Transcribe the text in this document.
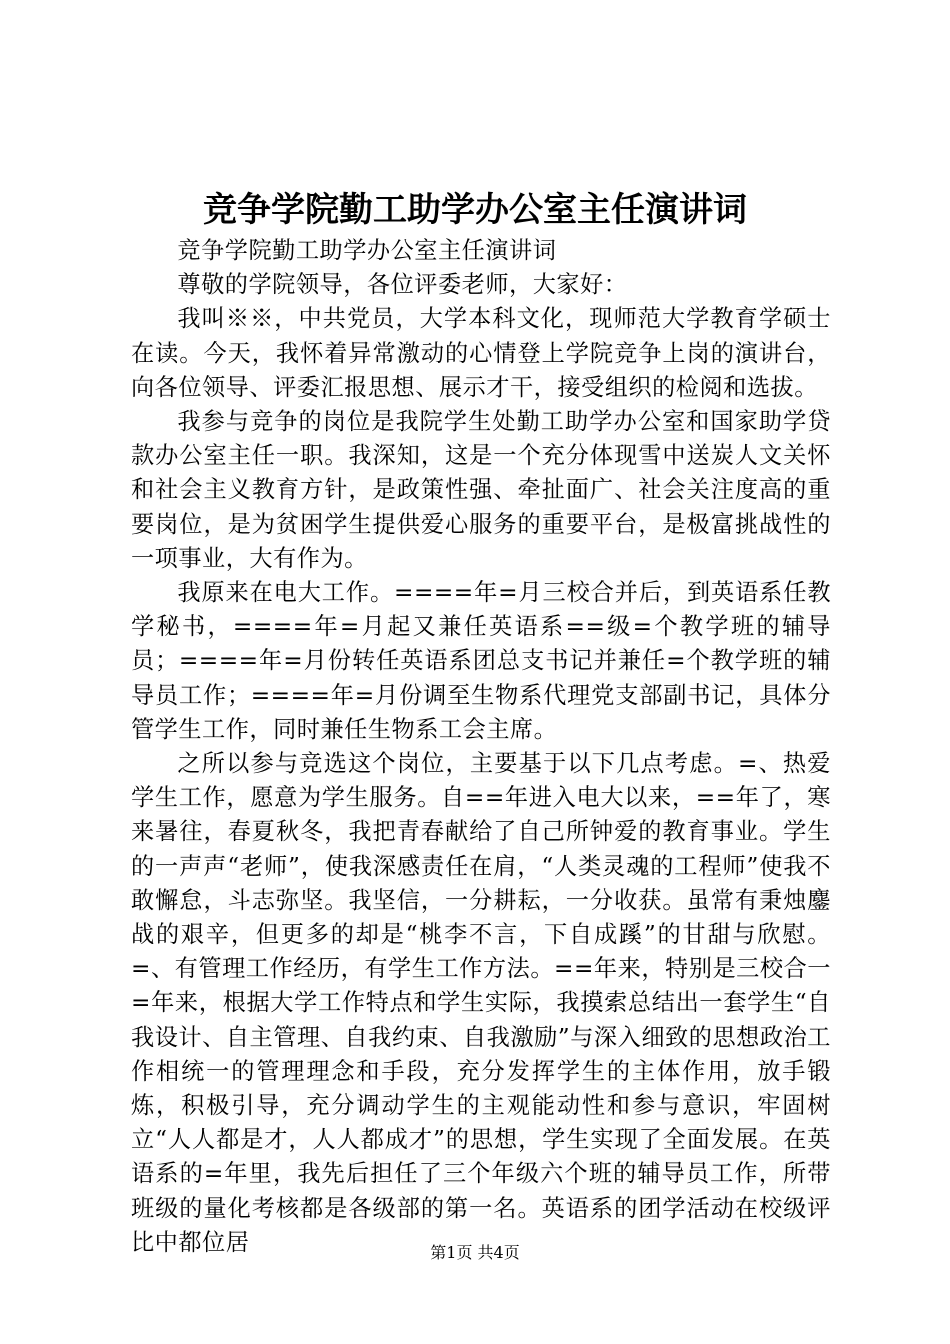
竞争学院勤工助学办公室主任演讲词

竞争学院勤工助学办公室主任演讲词

尊敬的学院领导，各位评委老师，大家好：

我叫※※，中共党员，大学本科文化，现师范大学教育学硕士在读。今天，我怀着异常激动的心情登上学院竞争上岗的演讲台，向各位领导、评委汇报思想、展示才干，接受组织的检阅和选拔。

我参与竞争的岗位是我院学生处勤工助学办公室和国家助学贷款办公室主任一职。我深知，这是一个充分体现雪中送炭人文关怀和社会主义教育方针，是政策性强、牵扯面广、社会关注度高的重要岗位，是为贫困学生提供爱心服务的重要平台，是极富挑战性的一项事业，大有作为。

我原来在电大工作。====年=月三校合并后，到英语系任教学秘书，====年=月起又兼任英语系==级=个教学班的辅导员；====年=月份转任英语系团总支书记并兼任=个教学班的辅导员工作；====年=月份调至生物系代理党支部副书记，具体分管学生工作，同时兼任生物系工会主席。

之所以参与竞选这个岗位，主要基于以下几点考虑。=、热爱学生工作，愿意为学生服务。自==年进入电大以来，==年了，寒来暑往，春夏秋冬，我把青春献给了自己所钟爱的教育事业。学生的一声声“老师”，使我深感责任在肩，“人类灵魂的工程师”使我不敢懈怠，斗志弥坚。我坚信，一分耕耘，一分收获。虽常有秉烛鏖战的艰辛，但更多的却是“桃李不言，下自成蹊”的甘甜与欣慰。=、有管理工作经历，有学生工作方法。==年来，特别是三校合一=年来，根据大学工作特点和学生实际，我摸索总结出一套学生“自我设计、自主管理、自我约束、自我激励”与深入细致的思想政治工作相统一的管理理念和手段，充分发挥学生的主体作用，放手锻炼，积极引导，充分调动学生的主观能动性和参与意识，牢固树立“人人都是才，人人都成才”的思想，学生实现了全面发展。在英语系的=年里，我先后担任了三个年级六个班的辅导员工作，所带班级的量化考核都是各级部的第一名。英语系的团学活动在校级评比中都位居	第1页 共4页
